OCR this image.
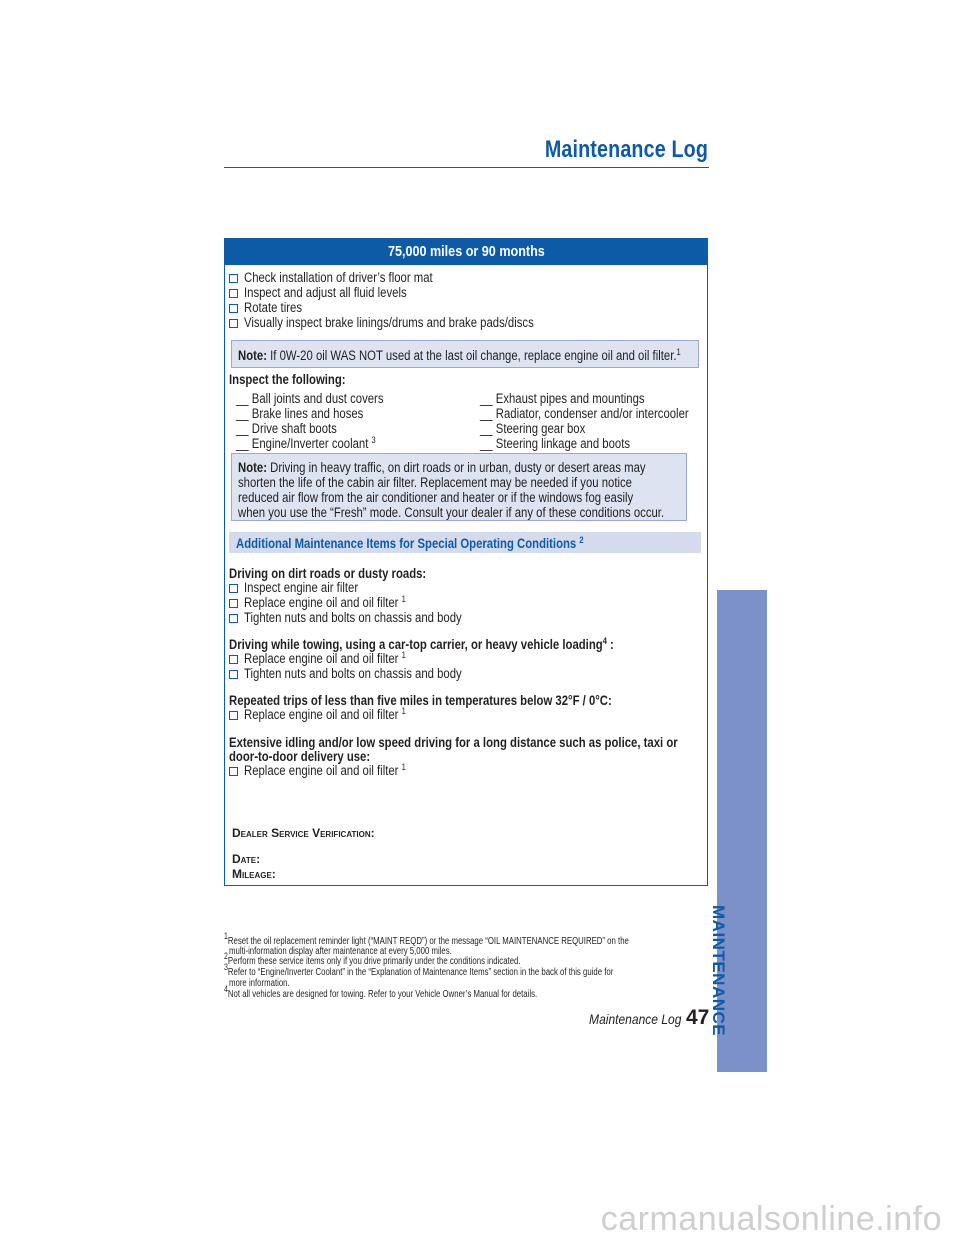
Maintenance Log
75,000 miles or 90 months
Check installation of driver’s floor mat
Inspect and adjust all fluid levels
Rotate tires
Visually inspect brake linings/drums and brake pads/discs
Note: If 0W-20 oil WAS NOT used at the last oil change, replace engine oil and oil filter.$^1$
Inspect the following:
__ Ball joints and dust covers
__ Brake lines and hoses
__ Drive shaft boots
__ Engine/Inverter coolant $^3$
__ Exhaust pipes and mountings
__ Radiator, condenser and/or intercooler
__ Steering gear box
__ Steering linkage and boots
Note: Driving in heavy traffic, on dirt roads or in urban, dusty or desert areas may
shorten the life of the cabin air filter. Replacement may be needed if you notice
reduced air flow from the air conditioner and heater or if the windows fog easily
when you use the “Fresh” mode. Consult your dealer if any of these conditions occur.
Additional Maintenance Items for Special Operating Conditions $^2$
Driving on dirt roads or dusty roads:
Inspect engine air filter
Replace engine oil and oil filter $^1$
Tighten nuts and bolts on chassis and body
Driving while towing, using a car-top carrier, or heavy vehicle loading$^4$ :
Replace engine oil and oil filter $^1$
Tighten nuts and bolts on chassis and body
Repeated trips of less than five miles in temperatures below 32°F / 0°C:
Replace engine oil and oil filter $^1$
Extensive idling and/or low speed driving for a long distance such as police, taxi or
door-to-door delivery use:
Replace engine oil and oil filter $^1$
Dealer Service Verification:
Date:
Mileage:
$^1$Reset the oil replacement reminder light (“MAINT REQD”) or the message “OIL MAINTENANCE REQUIRED” on the
multi-information display after maintenance at every 5,000 miles.
$^2$Perform these service items only if you drive primarily under the conditions indicated.
$^3$Refer to “Engine/Inverter Coolant” in the “Explanation of Maintenance Items” section in the back of this guide for
more information.
$^4$Not all vehicles are designed for towing. Refer to your Vehicle Owner’s Manual for details.
Maintenance Log 47 MAINTENANCE
carmanualsonline.info
